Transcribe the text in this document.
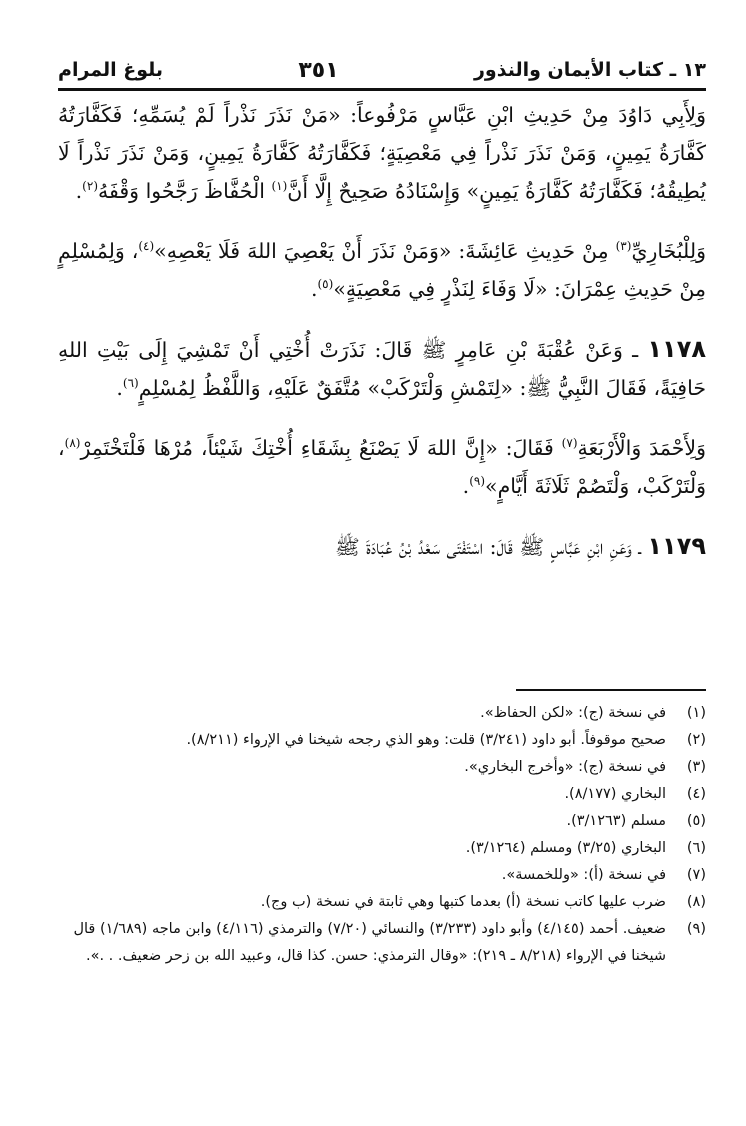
١٣ ـ كتاب الأيمان والنذور
٣٥١
بلوغ المرام

وَلِأَبِي دَاوُدَ مِنْ حَدِيثِ ابْنِ عَبَّاسٍ مَرْفُوعاً: «مَنْ نَذَرَ نَذْراً لَمْ يُسَمِّهِ؛ فَكَفَّارَتُهُ كَفَّارَةُ يَمِينٍ، وَمَنْ نَذَرَ نَذْراً فِي مَعْصِيَةٍ؛ فَكَفَّارَتُهُ كَفَّارَةُ يَمِينٍ، وَمَنْ نَذَرَ نَذْراً لَا يُطِيقُهُ؛ فَكَفَّارَتُهُ كَفَّارَةُ يَمِينٍ» وَإِسْنَادُهُ صَحِيحٌ إِلَّا أَنَّ$^{(١)}$ الْحُفَّاظَ رَجَّحُوا وَقْفَهُ$^{(٢)}$.

وَلِلْبُخَارِيِّ$^{(٣)}$ مِنْ حَدِيثِ عَائِشَةَ: «وَمَنْ نَذَرَ أَنْ يَعْصِيَ اللهَ فَلَا يَعْصِهِ»$^{(٤)}$، وَلِمُسْلِمٍ مِنْ حَدِيثِ عِمْرَانَ: «لَا وَفَاءَ لِنَذْرٍ فِي مَعْصِيَةٍ»$^{(٥)}$.

١١٧٨ ـ وَعَنْ عُقْبَةَ بْنِ عَامِرٍ ﷺ قَالَ: نَذَرَتْ أُخْتِي أَنْ تَمْشِيَ إِلَى بَيْتِ اللهِ حَافِيَةً، فَقَالَ النَّبِيُّ ﷺ: «لِتَمْشِ وَلْتَرْكَبْ» مُتَّفَقٌ عَلَيْهِ، وَاللَّفْظُ لِمُسْلِمٍ$^{(٦)}$.

وَلِأَحْمَدَ وَالْأَرْبَعَةِ$^{(٧)}$ فَقَالَ: «إِنَّ اللهَ لَا يَصْنَعُ بِشَقَاءِ أُخْتِكَ شَيْئاً، مُرْهَا فَلْتَخْتَمِرْ$^{(٨)}$، وَلْتَرْكَبْ، وَلْتَصُمْ ثَلَاثَةَ أَيَّامٍ»$^{(٩)}$.

١١٧٩ ـ وَعَنِ ابْنِ عَبَّاسٍ ﷺ قَالَ: اسْتَفْتَى سَعْدُ بْنُ عُبَادَةَ ﷺ

(١)
في نسخة (ج): «لكن الحفاظ».
(٢)
صحيح موقوفاً. أبو داود (٣/٢٤١) قلت: وهو الذي رجحه شيخنا في الإرواء (٨/٢١١).
(٣)
في نسخة (ج): «وأخرج البخاري».
(٤)
البخاري (٨/١٧٧).
(٥)
مسلم (٣/١٢٦٣).
(٦)
البخاري (٣/٢٥) ومسلم (٣/١٢٦٤).
(٧)
في نسخة (أ): «وللخمسة».
(٨)
ضرب عليها كاتب نسخة (أ) بعدما كتبها وهي ثابتة في نسخة (ب وج).
(٩)
ضعيف. أحمد (٤/١٤٥) وأبو داود (٣/٢٣٣) والنسائي (٧/٢٠) والترمذي (٤/١١٦) وابن ماجه (١/٦٨٩) قال شيخنا في الإرواء (٨/٢١٨ ـ ٢١٩): «وقال الترمذي: حسن. كذا قال، وعبيد الله بن زحر ضعيف. . .».
